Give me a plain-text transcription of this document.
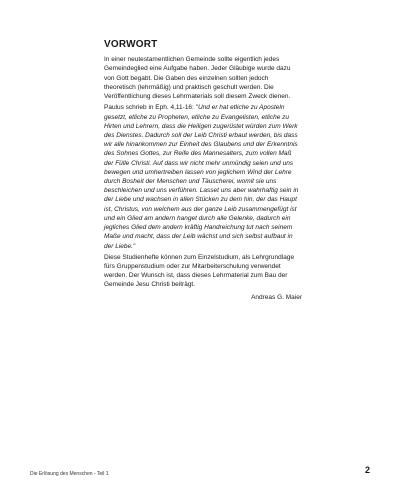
VORWORT

In einer neutestamentlichen Gemeinde sollte eigentlich jedes Gemeindeglied eine Aufgabe haben. Jeder Gläubige wurde dazu von Gott begabt. Die Gaben des einzelnen sollten jedoch theoretisch (lehrmäßig) und praktisch geschult werden. Die Veröffentlichung dieses Lehrmaterials soll diesem Zweck dienen.

Paulus schrieb in Eph. 4,11-16: "Und er hat etliche zu Aposteln gesetzt, etliche zu Propheten, etliche zu Evangelisten, etliche zu Hirten und Lehrern, dass die Heiligen zugerüstet würden zum Werk des Dienstes. Dadurch soll der Leib Christi erbaut werden, bis dass wir alle hinankommen zur Einheit des Glaubens und der Erkenntnis des Sohnes Gottes, zur Reife des Mannesalters, zum vollen Maß der Fülle Christi. Auf dass wir nicht mehr unmündig seien und uns bewegen und umhertreiben lassen von jeglichem Wind der Lehre durch Bosheit der Menschen und Täuscherei, womit sie uns beschleichen und uns verführen. Lasset uns aber wahrhaftig sein in der Liebe und wachsen in allen Stücken zu dem hin, der das Haupt ist, Christus, von welchem aus der ganze Leib zusammengefügt ist und ein Glied am andern hanget durch alle Gelenke, dadurch ein jegliches Glied dem andern kräftig Handreichung tut nach seinem Maße und macht, dass der Leib wächst und sich selbst aufbaut in der Liebe."

Diese Studienhefte können zum Einzelstudium, als Lehrgrundlage fürs Gruppenstudium oder zur Mitarbeiterschulung verwendet werden. Der Wunsch ist, dass dieses Lehrmaterial zum Bau der Gemeinde Jesu Christi beiträgt.

Andreas G. Maier
Die Erlösung des Menschen - Teil 1	2
